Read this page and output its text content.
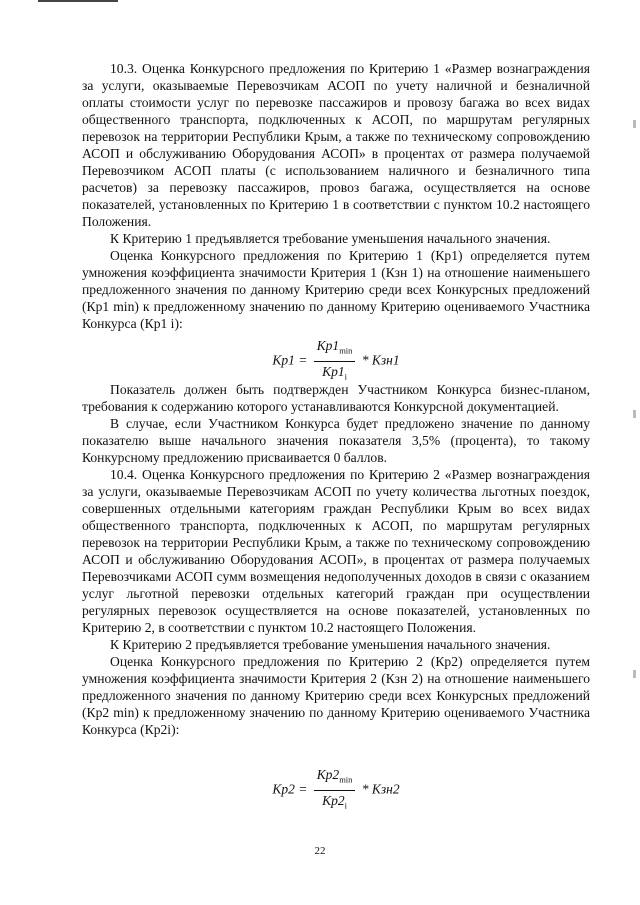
10.3. Оценка Конкурсного предложения по Критерию 1 «Размер вознаграждения за услуги, оказываемые Перевозчикам АСОП по учету наличной и безналичной оплаты стоимости услуг по перевозке пассажиров и провозу багажа во всех видах общественного транспорта, подключенных к АСОП, по маршрутам регулярных перевозок на территории Республики Крым, а также по техническому сопровождению АСОП и обслуживанию Оборудования АСОП» в процентах от размера получаемой Перевозчиком АСОП платы (с использованием наличного и безналичного типа расчетов) за перевозку пассажиров, провоз багажа, осуществляется на основе показателей, установленных по Критерию 1 в соответствии с пунктом 10.2 настоящего Положения.

К Критерию 1 предъявляется требование уменьшения начального значения.

Оценка Конкурсного предложения по Критерию 1 (Кр1) определяется путем умножения коэффициента значимости Критерия 1 (Кзн 1) на отношение наименьшего предложенного значения по данному Критерию среди всех Конкурсных предложений (Кр1 min) к предложенному значению по данному Критерию оцениваемого Участника Конкурса (Кр1 i):

$Кр1 = \frac{Кр1_{min}}{Кр1_i} * Кзн1$

Показатель должен быть подтвержден Участником Конкурса бизнес-планом, требования к содержанию которого устанавливаются Конкурсной документацией.

В случае, если Участником Конкурса будет предложено значение по данному показателю выше начального значения показателя 3,5% (процента), то такому Конкурсному предложению присваивается 0 баллов.

10.4. Оценка Конкурсного предложения по Критерию 2 «Размер вознаграждения за услуги, оказываемые Перевозчикам АСОП по учету количества льготных поездок, совершенных отдельными категориям граждан Республики Крым во всех видах общественного транспорта, подключенных к АСОП, по маршрутам регулярных перевозок на территории Республики Крым, а также по техническому сопровождению АСОП и обслуживанию Оборудования АСОП», в процентах от размера получаемых Перевозчиками АСОП сумм возмещения недополученных доходов в связи с оказанием услуг льготной перевозки отдельных категорий граждан при осуществлении регулярных перевозок осуществляется на основе показателей, установленных по Критерию 2, в соответствии с пунктом 10.2 настоящего Положения.

К Критерию 2 предъявляется требование уменьшения начального значения.

Оценка Конкурсного предложения по Критерию 2 (Кр2) определяется путем умножения коэффициента значимости Критерия 2 (Кзн 2) на отношение наименьшего предложенного значения по данному Критерию среди всех Конкурсных предложений (Кр2 min) к предложенному значению по данному Критерию оцениваемого Участника Конкурса (Кр2i):

$Кр2 = \frac{Кр2_{min}}{Кр2_i} * Кзн2$
22
